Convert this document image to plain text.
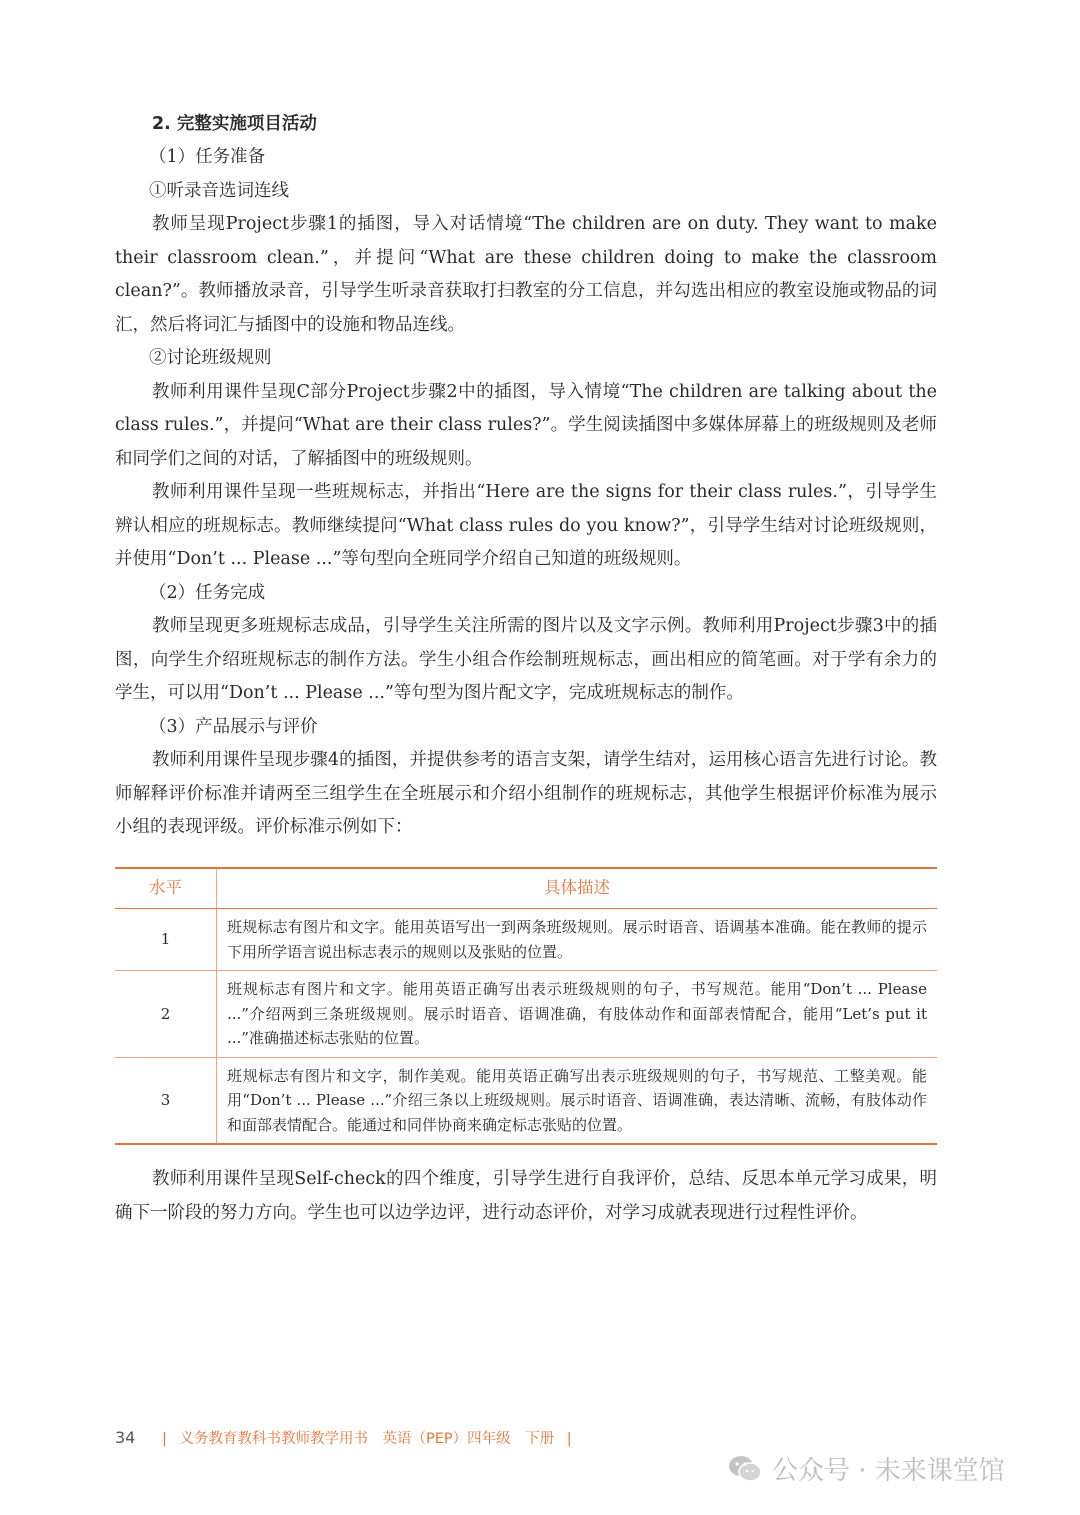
2. 完整实施项目活动

（1）任务准备

①听录音选词连线

教师呈现Project步骤1的插图，导入对话情境“The children are on duty. They want to make their classroom clean.”，并提问“What are these children doing to make the classroom clean?”。教师播放录音，引导学生听录音获取打扫教室的分工信息，并勾选出相应的教室设施或物品的词汇，然后将词汇与插图中的设施和物品连线。

②讨论班级规则

教师利用课件呈现C部分Project步骤2中的插图，导入情境“The children are talking about the class rules.”，并提问“What are their class rules?”。学生阅读插图中多媒体屏幕上的班级规则及老师和同学们之间的对话，了解插图中的班级规则。

教师利用课件呈现一些班规标志，并指出“Here are the signs for their class rules.”，引导学生辨认相应的班规标志。教师继续提问“What class rules do you know?”，引导学生结对讨论班级规则，并使用“Don’t ... Please ...”等句型向全班同学介绍自己知道的班级规则。

（2）任务完成

教师呈现更多班规标志成品，引导学生关注所需的图片以及文字示例。教师利用Project步骤3中的插图，向学生介绍班规标志的制作方法。学生小组合作绘制班规标志，画出相应的简笔画。对于学有余力的学生，可以用“Don’t ... Please ...”等句型为图片配文字，完成班规标志的制作。

（3）产品展示与评价

教师利用课件呈现步骤4的插图，并提供参考的语言支架，请学生结对，运用核心语言先进行讨论。教师解释评价标准并请两至三组学生在全班展示和介绍小组制作的班规标志，其他学生根据评价标准为展示小组的表现评级。评价标准示例如下：

水平	具体描述
1	班规标志有图片和文字。能用英语写出一到两条班级规则。展示时语音、语调基本准确。能在教师的提示下用所学语言说出标志表示的规则以及张贴的位置。
2	班规标志有图片和文字。能用英语正确写出表示班级规则的句子，书写规范。能用“Don’t ... Please ...”介绍两到三条班级规则。展示时语音、语调准确，有肢体动作和面部表情配合，能用“Let’s put it ...”准确描述标志张贴的位置。
3	班规标志有图片和文字，制作美观。能用英语正确写出表示班级规则的句子，书写规范、工整美观。能用“Don’t ... Please ...”介绍三条以上班级规则。展示时语音、语调准确，表达清晰、流畅，有肢体动作和面部表情配合。能通过和同伴协商来确定标志张贴的位置。

教师利用课件呈现Self-check的四个维度，引导学生进行自我评价，总结、反思本单元学习成果，明确下一阶段的努力方向。学生也可以边学边评，进行动态评价，对学习成就表现进行过程性评价。

34 | 义务教育教科书教师教学用书　英语（PEP）四年级　下册 |
公众号 · 未来课堂馆
